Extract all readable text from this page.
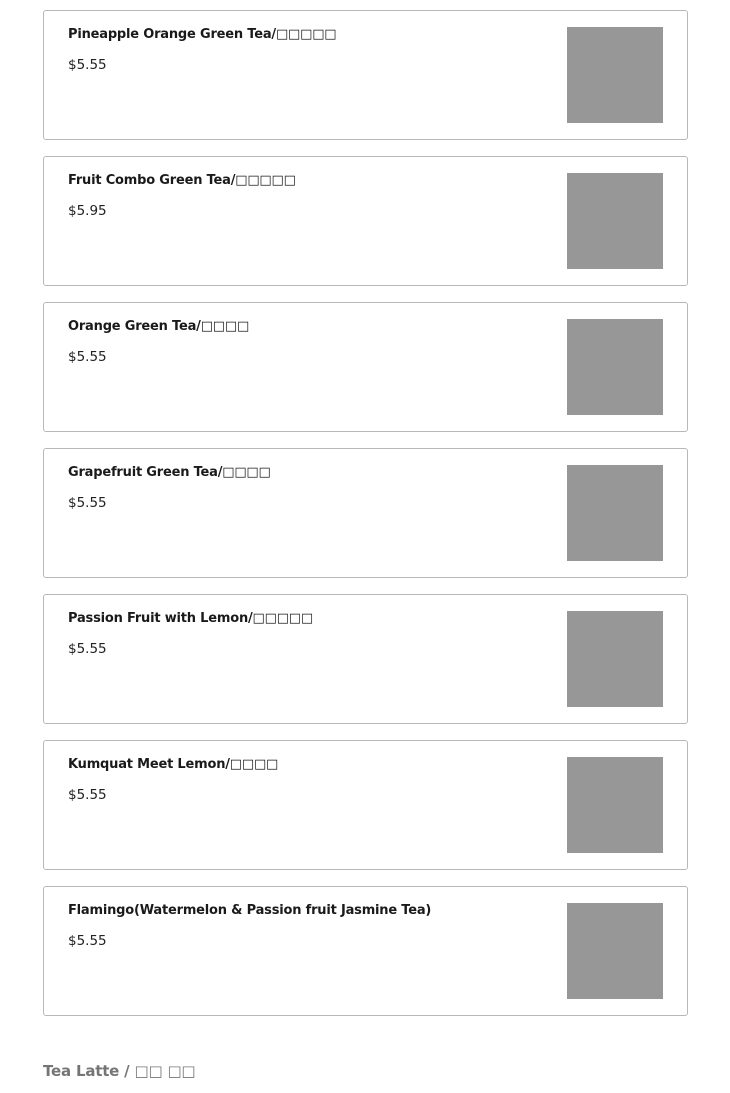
Pineapple Orange Green Tea/□□□□□
$5.55
Fruit Combo Green Tea/□□□□□
$5.95
Orange Green Tea/□□□□
$5.55
Grapefruit Green Tea/□□□□
$5.55
Passion Fruit with Lemon/□□□□□
$5.55
Kumquat Meet Lemon/□□□□
$5.55
Flamingo(Watermelon & Passion fruit Jasmine Tea)
$5.55
Tea Latte / □□ □□
